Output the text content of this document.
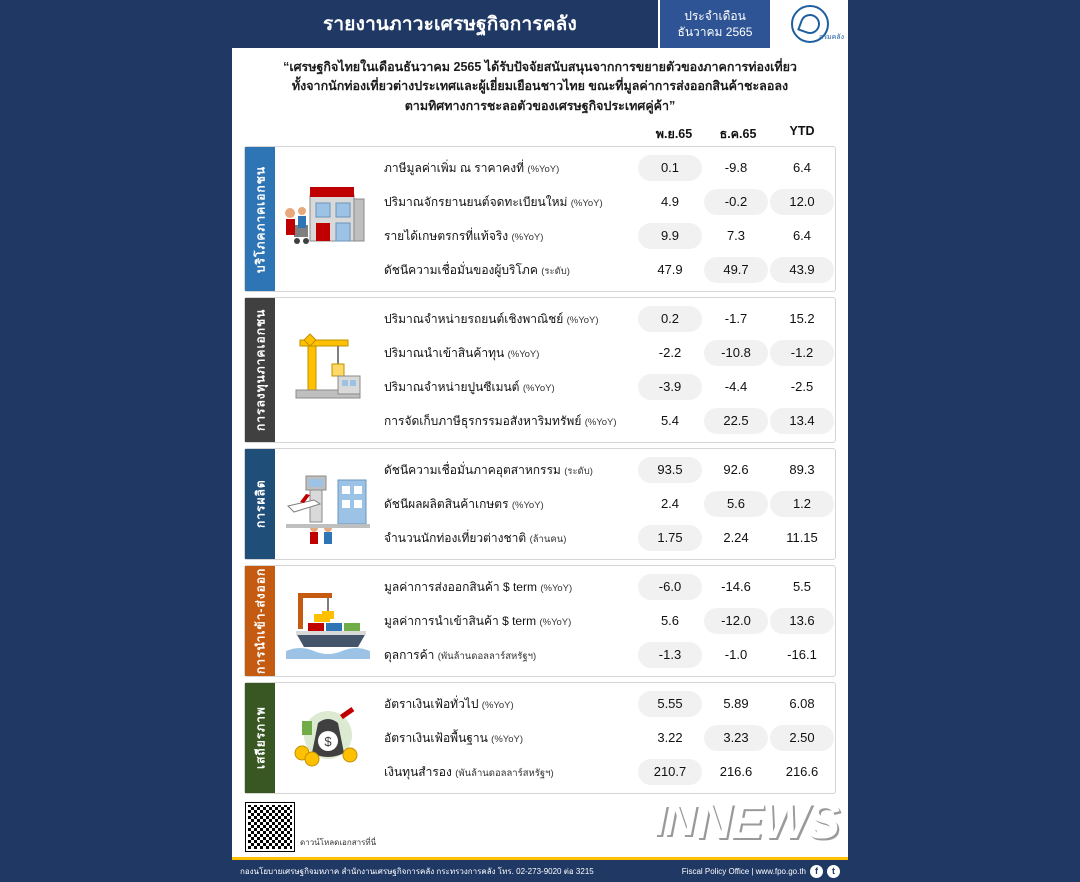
รายงานภาวะเศรษฐกิจการคลัง	ประจำเดือน
ธันวาคม 2565	กรมคลัง
“เศรษฐกิจไทยในเดือนธันวาคม 2565 ได้รับปัจจัยสนับสนุนจากการขยายตัวของภาคการท่องเที่ยว
ทั้งจากนักท่องเที่ยวต่างประเทศและผู้เยี่ยมเยือนชาวไทย ขณะที่มูลค่าการส่งออกสินค้าชะลอลง
ตามทิศทางการชะลอตัวของเศรษฐกิจประเทศคู่ค้า”
พ.ย.65	ธ.ค.65	YTD
บริโภคภาคเอกชน	ภาษีมูลค่าเพิ่ม ณ ราคาคงที่ (%YoY)	0.1	-9.8	6.4
ปริมาณจักรยานยนต์จดทะเบียนใหม่ (%YoY)	4.9	-0.2	12.0
รายได้เกษตรกรที่แท้จริง (%YoY)	9.9	7.3	6.4
ดัชนีความเชื่อมั่นของผู้บริโภค (ระดับ)	47.9	49.7	43.9
การลงทุนภาคเอกชน	ปริมาณจำหน่ายรถยนต์เชิงพาณิชย์ (%YoY)	0.2	-1.7	15.2
ปริมาณนำเข้าสินค้าทุน (%YoY)	-2.2	-10.8	-1.2
ปริมาณจำหน่ายปูนซีเมนต์ (%YoY)	-3.9	-4.4	-2.5
การจัดเก็บภาษีธุรกรรมอสังหาริมทรัพย์ (%YoY)	5.4	22.5	13.4
การผลิต
ดัชนีความเชื่อมั่นภาคอุตสาหกรรม (ระดับ)	93.5	92.6	89.3
ดัชนีผลผลิตสินค้าเกษตร (%YoY)	2.4	5.6	1.2
จำนวนนักท่องเที่ยวต่างชาติ (ล้านคน)	1.75	2.24	11.15
การนำเข้า-ส่งออก	มูลค่าการส่งออกสินค้า $ term (%YoY)	-6.0	-14.6	5.5
มูลค่าการนำเข้าสินค้า $ term (%YoY)	5.6	-12.0	13.6
ดุลการค้า (พันล้านดอลลาร์สหรัฐฯ)	-1.3	-1.0	-16.1
เสถียรภาพ	$
อัตราเงินเฟ้อทั่วไป (%YoY)	5.55	5.89	6.08
อัตราเงินเฟ้อพื้นฐาน (%YoY)	3.22	3.23	2.50
เงินทุนสำรอง (พันล้านดอลลาร์สหรัฐฯ)	210.7	216.6	216.6
ดาวน์โหลดเอกสารที่นี่	IN NEWS
กองนโยบายเศรษฐกิจมหภาค สำนักงานเศรษฐกิจการคลัง กระทรวงการคลัง โทร. 02-273-9020 ต่อ 3215	Fiscal Policy Office | www.fpo.go.th	f	t
